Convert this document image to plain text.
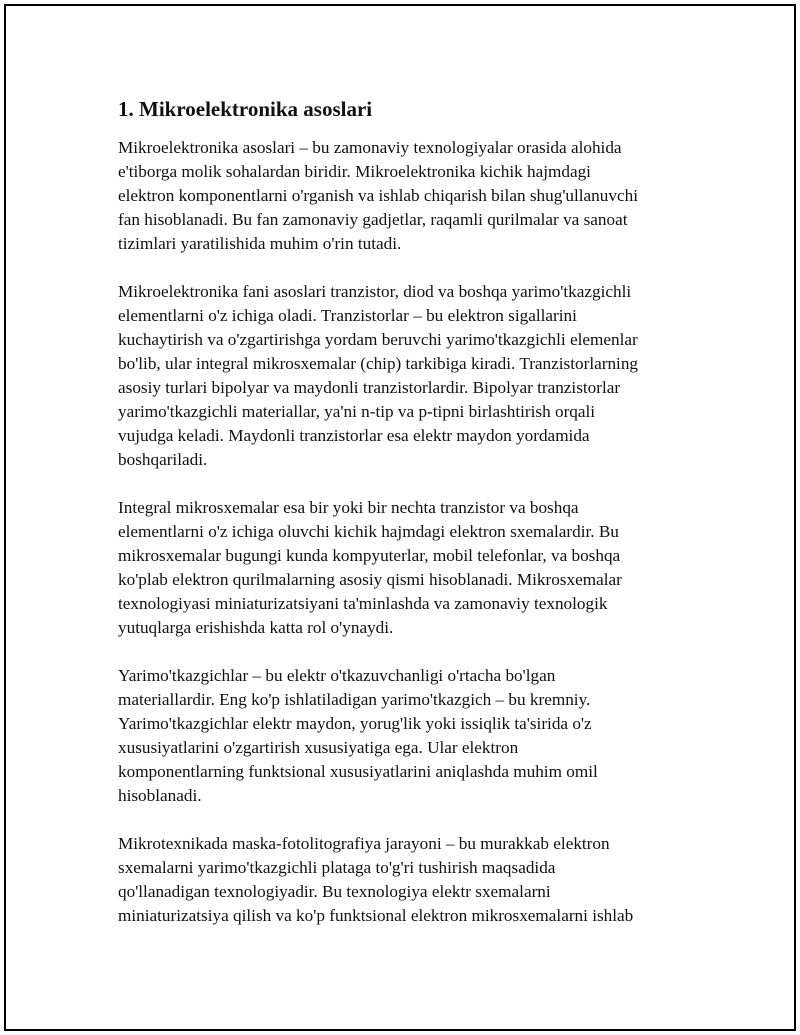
1. Mikroelektronika asoslari

Mikroelektronika asoslari – bu zamonaviy texnologiyalar orasida alohida
e'tiborga molik sohalardan biridir. Mikroelektronika kichik hajmdagi
elektron komponentlarni o'rganish va ishlab chiqarish bilan shug'ullanuvchi
fan hisoblanadi. Bu fan zamonaviy gadjetlar, raqamli qurilmalar va sanoat
tizimlari yaratilishida muhim o'rin tutadi.

Mikroelektronika fani asoslari tranzistor, diod va boshqa yarimo'tkazgichli
elementlarni o'z ichiga oladi. Tranzistorlar – bu elektron sigallarini
kuchaytirish va o'zgartirishga yordam beruvchi yarimo'tkazgichli elemenlar
bo'lib, ular integral mikrosxemalar (chip) tarkibiga kiradi. Tranzistorlarning
asosiy turlari bipolyar va maydonli tranzistorlardir. Bipolyar tranzistorlar
yarimo'tkazgichli materiallar, ya'ni n-tip va p-tipni birlashtirish orqali
vujudga keladi. Maydonli tranzistorlar esa elektr maydon yordamida
boshqariladi.

Integral mikrosxemalar esa bir yoki bir nechta tranzistor va boshqa
elementlarni o'z ichiga oluvchi kichik hajmdagi elektron sxemalardir. Bu
mikrosxemalar bugungi kunda kompyuterlar, mobil telefonlar, va boshqa
ko'plab elektron qurilmalarning asosiy qismi hisoblanadi. Mikrosxemalar
texnologiyasi miniaturizatsiyani ta'minlashda va zamonaviy texnologik
yutuqlarga erishishda katta rol o'ynaydi.

Yarimo'tkazgichlar – bu elektr o'tkazuvchanligi o'rtacha bo'lgan
materiallardir. Eng ko'p ishlatiladigan yarimo'tkazgich – bu kremniy.
Yarimo'tkazgichlar elektr maydon, yorug'lik yoki issiqlik ta'sirida o'z
xususiyatlarini o'zgartirish xususiyatiga ega. Ular elektron
komponentlarning funktsional xususiyatlarini aniqlashda muhim omil
hisoblanadi.

Mikrotexnikada maska-fotolitografiya jarayoni – bu murakkab elektron
sxemalarni yarimo'tkazgichli plataga to'g'ri tushirish maqsadida
qo'llanadigan texnologiyadir. Bu texnologiya elektr sxemalarni
miniaturizatsiya qilish va ko'p funktsional elektron mikrosxemalarni ishlab
